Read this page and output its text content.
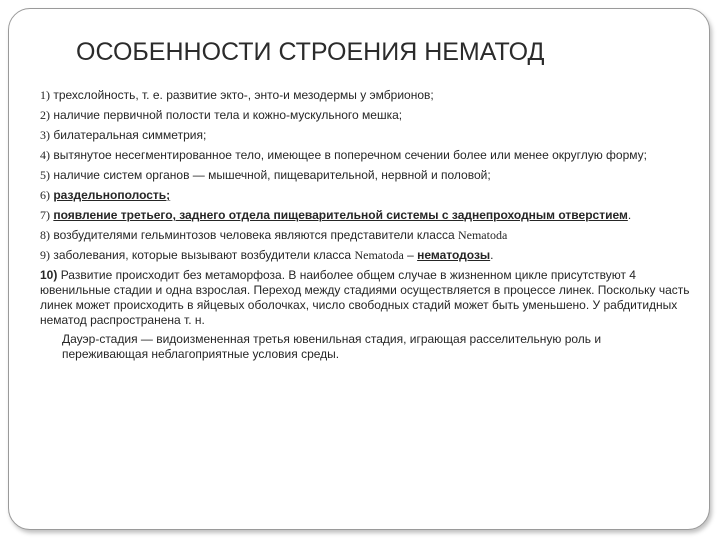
ОСОБЕННОСТИ СТРОЕНИЯ НЕМАТОД
1) трехслойность, т. е. развитие экто-, энто-и мезодермы у эмбрионов;
2) наличие первичной полости тела и кожно-мускульного мешка;
3) билатеральная симметрия;
4) вытянутое несегментированное тело, имеющее в поперечном сечении более или менее округлую форму;
5) наличие систем органов — мышечной, пищеварительной, нервной и половой;
6) раздельнополость;
7) появление третьего, заднего отдела пищеварительной системы с заднепроходным отверстием.
8) возбудителями гельминтозов человека являются представители класса Nematoda
9) заболевания, которые вызывают возбудители класса Nematoda – нематодозы.
10) Развитие происходит без метаморфоза. В наиболее общем случае в жизненном цикле присутствуют 4 ювенильные стадии и одна взрослая. Переход между стадиями осуществляется в процессе линек. Поскольку часть линек может происходить в яйцевых оболочках, число свободных стадий может быть уменьшено. У рабдитидных нематод распространена т. н.

Дауэр-стадия — видоизмененная третья ювенильная стадия, играющая расселительную роль и переживающая неблагоприятные условия среды.
